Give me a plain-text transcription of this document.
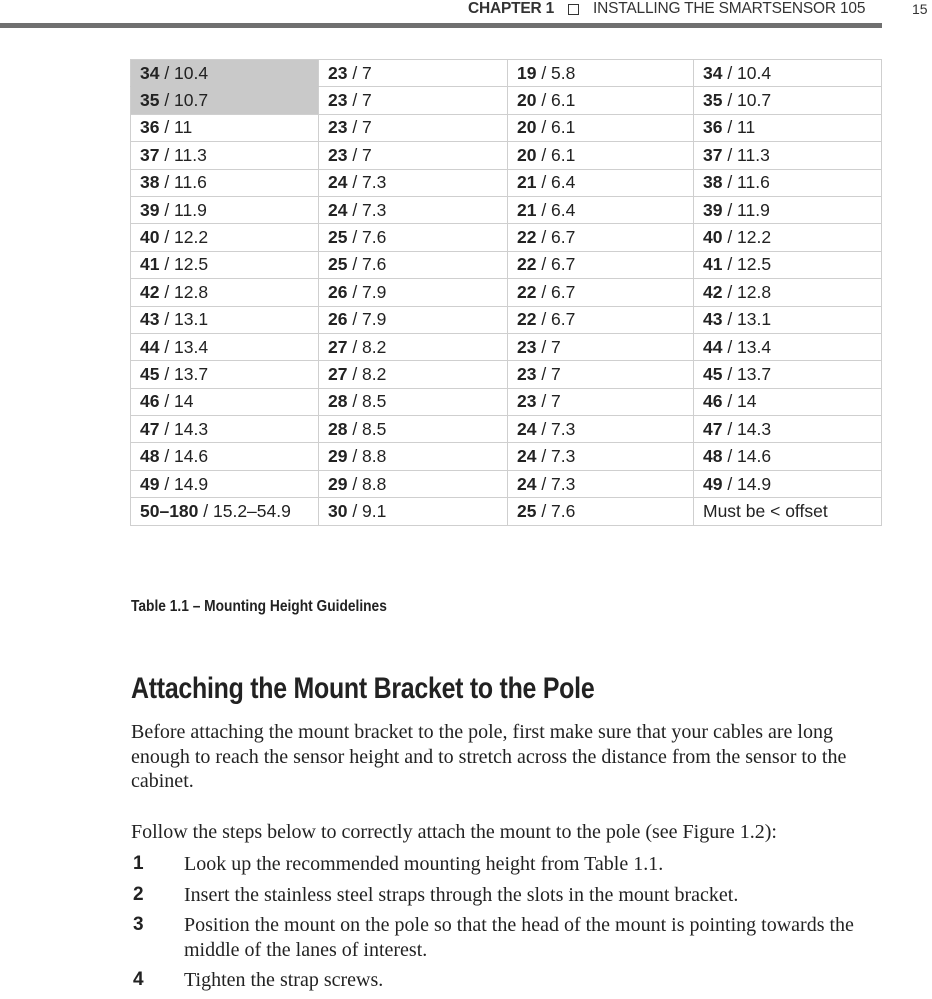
CHAPTER 1	INSTALLING THE SMARTSENSOR 105	15
34 / 10.4	23 / 7	19 / 5.8	34 / 10.4
35 / 10.7	23 / 7	20 / 6.1	35 / 10.7
36 / 11	23 / 7	20 / 6.1	36 / 11
37 / 11.3	23 / 7	20 / 6.1	37 / 11.3
38 / 11.6	24 / 7.3	21 / 6.4	38 / 11.6
39 / 11.9	24 / 7.3	21 / 6.4	39 / 11.9
40 / 12.2	25 / 7.6	22 / 6.7	40 / 12.2
41 / 12.5	25 / 7.6	22 / 6.7	41 / 12.5
42 / 12.8	26 / 7.9	22 / 6.7	42 / 12.8
43 / 13.1	26 / 7.9	22 / 6.7	43 / 13.1
44 / 13.4	27 / 8.2	23 / 7	44 / 13.4
45 / 13.7	27 / 8.2	23 / 7	45 / 13.7
46 / 14	28 / 8.5	23 / 7	46 / 14
47 / 14.3	28 / 8.5	24 / 7.3	47 / 14.3
48 / 14.6	29 / 8.8	24 / 7.3	48 / 14.6
49 / 14.9	29 / 8.8	24 / 7.3	49 / 14.9
50–180 / 15.2–54.9	30 / 9.1	25 / 7.6	Must be < offset
Table 1.1 – Mounting Height Guidelines
Attaching the Mount Bracket to the Pole
Before attaching the mount bracket to the pole, first make sure that your cables are long enough to reach the sensor height and to stretch across the distance from the sensor to the cabinet.
Follow the steps below to correctly attach the mount to the pole (see Figure 1.2):
1 Look up the recommended mounting height from Table 1.1.
2 Insert the stainless steel straps through the slots in the mount bracket.
3 Position the mount on the pole so that the head of the mount is pointing towards the middle of the lanes of interest.
4 Tighten the strap screws.
